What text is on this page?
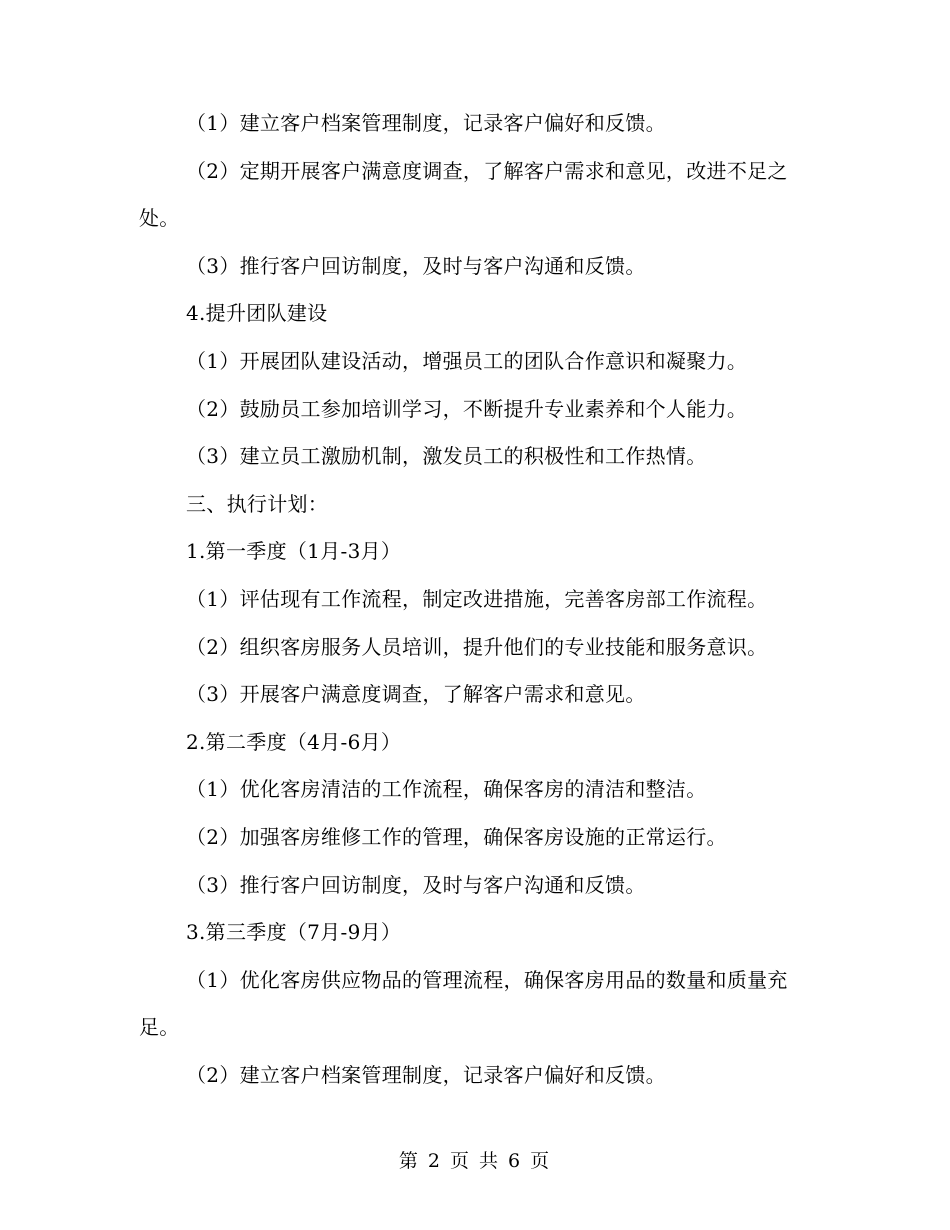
（1）建立客户档案管理制度，记录客户偏好和反馈。

（2）定期开展客户满意度调查，了解客户需求和意见，改进不足之处。

（3）推行客户回访制度，及时与客户沟通和反馈。

4.提升团队建设

（1）开展团队建设活动，增强员工的团队合作意识和凝聚力。

（2）鼓励员工参加培训学习，不断提升专业素养和个人能力。

（3）建立员工激励机制，激发员工的积极性和工作热情。

三、执行计划：

1.第一季度（1月-3月）

（1）评估现有工作流程，制定改进措施，完善客房部工作流程。

（2）组织客房服务人员培训，提升他们的专业技能和服务意识。

（3）开展客户满意度调查，了解客户需求和意见。

2.第二季度（4月-6月）

（1）优化客房清洁的工作流程，确保客房的清洁和整洁。

（2）加强客房维修工作的管理，确保客房设施的正常运行。

（3）推行客户回访制度，及时与客户沟通和反馈。

3.第三季度（7月-9月）

（1）优化客房供应物品的管理流程，确保客房用品的数量和质量充足。

（2）建立客户档案管理制度，记录客户偏好和反馈。

第 2 页 共 6 页
